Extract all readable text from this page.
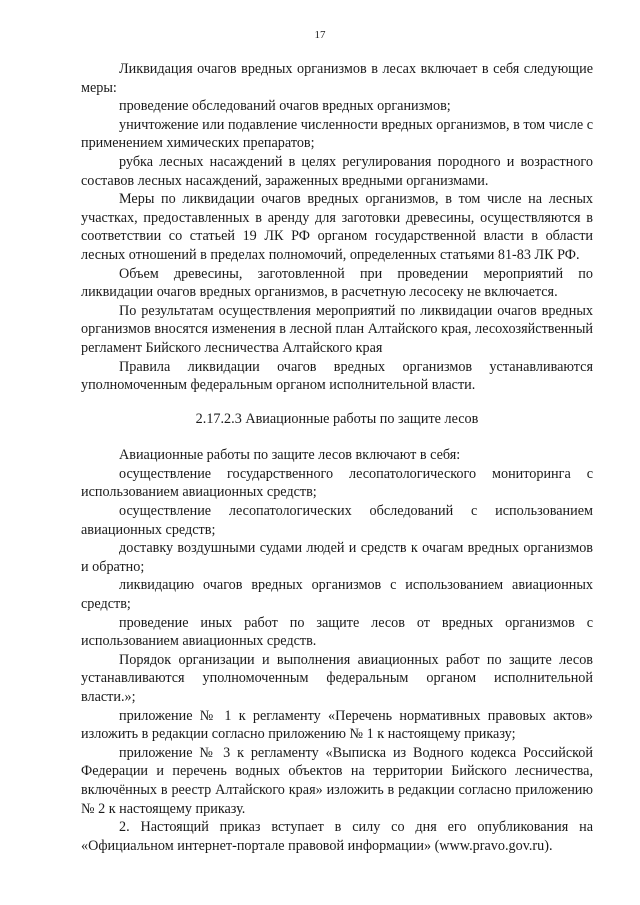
17

Ликвидация очагов вредных организмов в лесах включает в себя следующие меры:

проведение обследований очагов вредных организмов;

уничтожение или подавление численности вредных организмов, в том числе с применением химических препаратов;

рубка лесных насаждений в целях регулирования породного и возрастного составов лесных насаждений, зараженных вредными организмами.

Меры по ликвидации очагов вредных организмов, в том числе на лесных участках, предоставленных в аренду для заготовки древесины, осуществляются в соответствии со статьей 19 ЛК РФ органом государственной власти в области лесных отношений в пределах полномочий, определенных статьями 81-83 ЛК РФ.

Объем древесины, заготовленной при проведении мероприятий по ликвидации очагов вредных организмов, в расчетную лесосеку не включается.

По результатам осуществления мероприятий по ликвидации очагов вредных организмов вносятся изменения в лесной план Алтайского края, лесохозяйственный регламент Бийского лесничества Алтайского края

Правила ликвидации очагов вредных организмов устанавливаются уполномоченным федеральным органом исполнительной власти.

2.17.2.3 Авиационные работы по защите лесов

Авиационные работы по защите лесов включают в себя:

осуществление государственного лесопатологического мониторинга с использованием авиационных средств;

осуществление лесопатологических обследований с использованием авиационных средств;

доставку воздушными судами людей и средств к очагам вредных организмов и обратно;

ликвидацию очагов вредных организмов с использованием авиационных средств;

проведение иных работ по защите лесов от вредных организмов с использованием авиационных средств.

Порядок организации и выполнения авиационных работ по защите лесов устанавливаются уполномоченным федеральным органом исполнительной власти.»;

приложение № 1 к регламенту «Перечень нормативных правовых актов» изложить в редакции согласно приложению № 1 к настоящему приказу;

приложение № 3 к регламенту «Выписка из Водного кодекса Российской Федерации и перечень водных объектов на территории Бийского лесничества, включённых в реестр Алтайского края» изложить в редакции согласно приложению № 2 к настоящему приказу.

2. Настоящий приказ вступает в силу со дня его опубликования на «Официальном интернет-портале правовой информации» (www.pravo.gov.ru).
